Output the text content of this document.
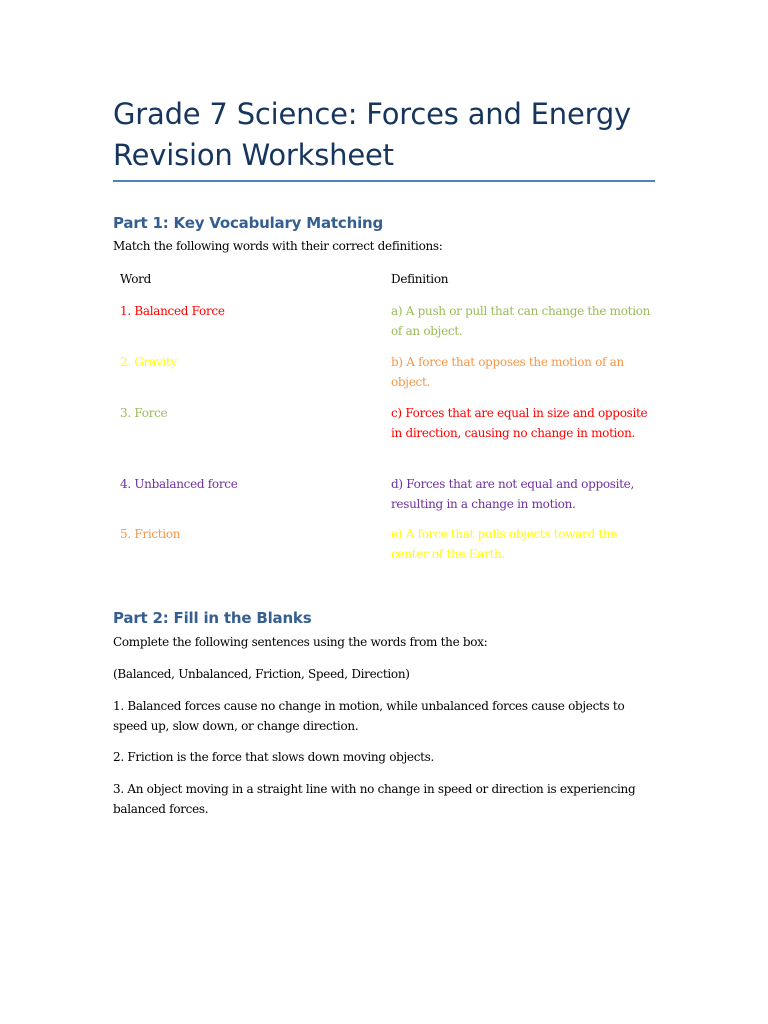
Grade 7 Science: Forces and Energy Revision Worksheet
Part 1: Key Vocabulary Matching
Match the following words with their correct definitions:
Word	Definition
1. Balanced Force	a) A push or pull that can change the motion of an object.
2. Gravity	b) A force that opposes the motion of an object.
3. Force	c) Forces that are equal in size and opposite in direction, causing no change in motion.
4. Unbalanced force	d) Forces that are not equal and opposite, resulting in a change in motion.
5. Friction	e) A force that pulls objects toward the center of the Earth.
Part 2: Fill in the Blanks
Complete the following sentences using the words from the box:
(Balanced, Unbalanced, Friction, Speed, Direction)
1. Balanced forces cause no change in motion, while unbalanced forces cause objects to speed up, slow down, or change direction.
2. Friction is the force that slows down moving objects.
3. An object moving in a straight line with no change in speed or direction is experiencing balanced forces.
